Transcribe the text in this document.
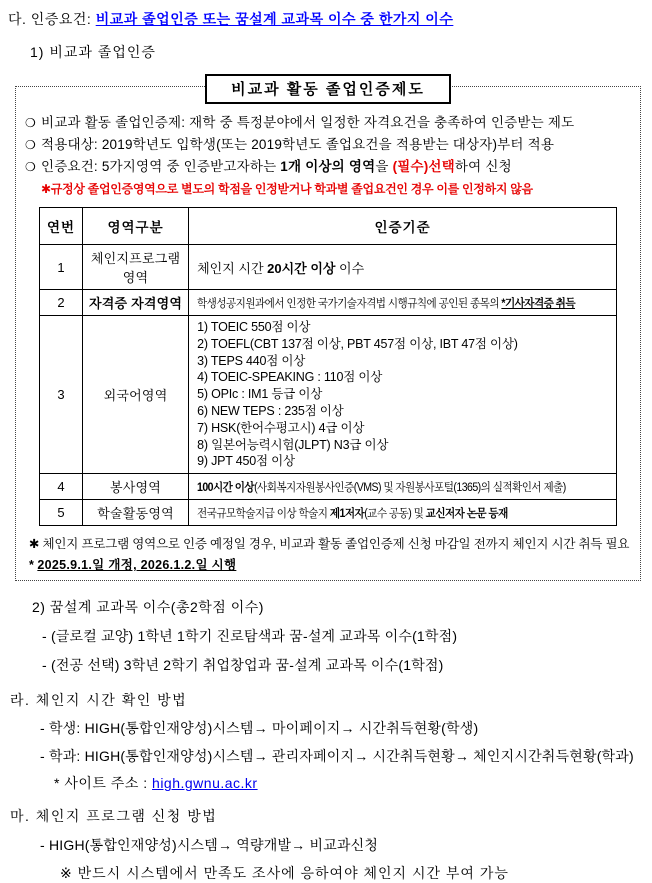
다. 인증요건: 비교과 졸업인증 또는 꿈설계 교과목 이수 중 한가지 이수
1) 비교과 졸업인증
비교과 활동 졸업인증제도
❍ 비교과 활동 졸업인증제: 재학 중 특정분야에서 일정한 자격요건을 충족하여 인증받는 제도
❍ 적용대상: 2019학년도 입학생(또는 2019학년도 졸업요건을 적용받는 대상자)부터 적용
❍ 인증요건: 5가지영역 중 인증받고자하는 1개 이상의 영역을 (필수)선택하여 신청
✱규정상 졸업인증영역으로 별도의 학점을 인정받거나 학과별 졸업요건인 경우 이를 인정하지 않음
연번	영역구분	인증기준
1	체인지프로그램 영역	체인지 시간 20시간 이상 이수
2	자격증 자격영역	학생성공지원과에서 인정한 국가기술자격법 시행규칙에 공인된 종목의 *기사자격증 취득
3	외국어영역	
1) TOEIC 550점 이상
2) TOEFL(CBT 137점 이상, PBT 457점 이상, IBT 47점 이상)
3) TEPS 440점 이상
4) TOEIC-SPEAKING : 110점 이상
5) OPIc : IM1 등급 이상
6) NEW TEPS : 235점 이상
7) HSK(한어수평고시) 4급 이상
8) 일본어능력시험(JLPT) N3급 이상
9) JPT 450점 이상

4	봉사영역	100시간 이상(사회복지자원봉사인증(VMS) 및 자원봉사포털(1365)의 실적확인서 제출)
5	학술활동영역	전국규모학술지급 이상 학술지 제1저자(교수 공동) 및 교신저자 논문 등재
✱ 체인지 프로그램 영역으로 인증 예정일 경우, 비교과 활동 졸업인증제 신청 마감일 전까지 체인지 시간 취득 필요
* 2025.9.1.일 개정, 2026.1.2.일 시행
2) 꿈설계 교과목 이수(총2학점 이수)
- (글로컬 교양) 1학년 1학기 진로탐색과 꿈-설계 교과목 이수(1학점)
- (전공 선택) 3학년 2학기 취업창업과 꿈-설계 교과목 이수(1학점)
라. 체인지 시간 확인 방법
- 학생: HIGH(통합인재양성)시스템→ 마이페이지→ 시간취득현황(학생)
- 학과: HIGH(통합인재양성)시스템→ 관리자페이지→ 시간취득현황→ 체인지시간취득현황(학과)
* 사이트 주소 : high.gwnu.ac.kr
마. 체인지 프로그램 신청 방법
- HIGH(통합인재양성)시스템→ 역량개발→ 비교과신청
※ 반드시 시스템에서 만족도 조사에 응하여야 체인지 시간 부여 가능
